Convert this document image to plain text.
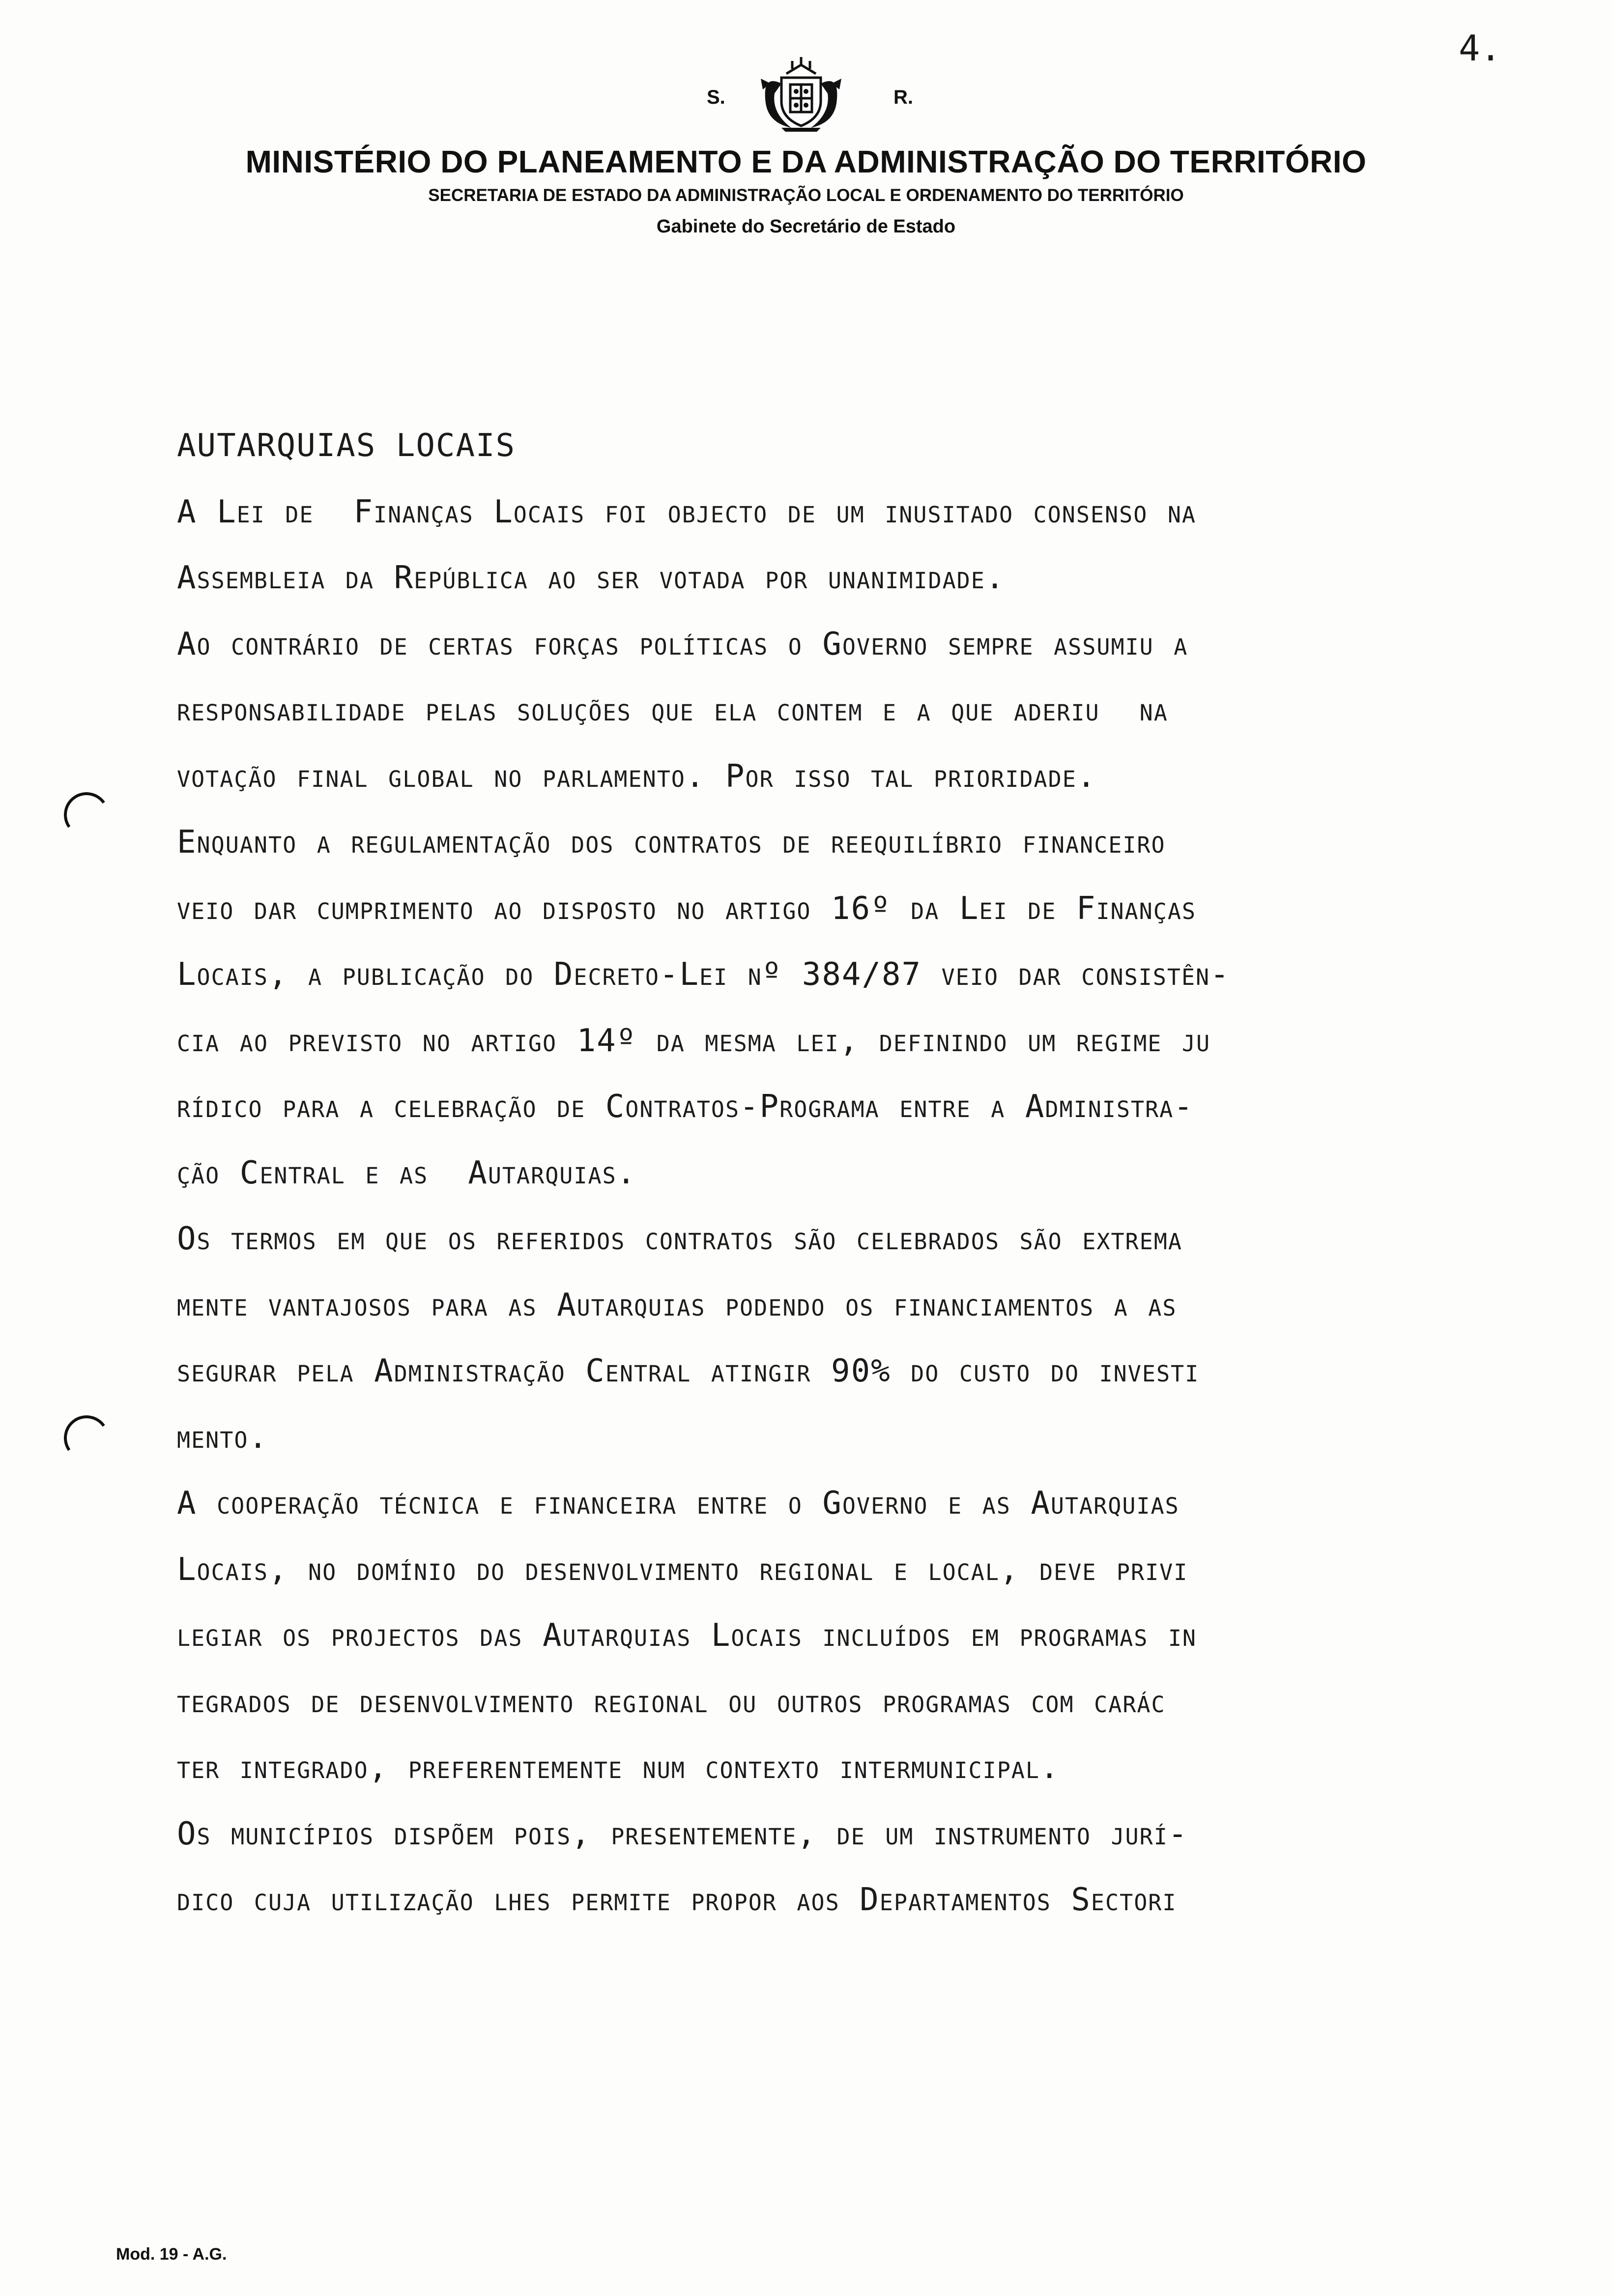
4.
S.	R.
MINISTÉRIO DO PLANEAMENTO E DA ADMINISTRAÇÃO DO TERRITÓRIO
SECRETARIA DE ESTADO DA ADMINISTRAÇÃO LOCAL E ORDENAMENTO DO TERRITÓRIO
Gabinete do Secretário de Estado
AUTARQUIAS LOCAIS
A Lei de  Finanças Locais foi objecto de um inusitado consenso na
Assembleia da República ao ser votada por unanimidade.
Ao contrário de certas forças políticas o Governo sempre assumiu a
responsabilidade pelas soluções que ela contem e a que aderiu  na
votação final global no parlamento. Por isso tal prioridade.
Enquanto a regulamentação dos contratos de reequilíbrio financeiro
veio dar cumprimento ao disposto no artigo 16º da Lei de Finanças
Locais, a publicação do Decreto-Lei nº 384/87 veio dar consistên-
cia ao previsto no artigo 14º da mesma lei, definindo um regime ju
rídico para a celebração de Contratos-Programa entre a Administra-
ção Central e as  Autarquias.
Os termos em que os referidos contratos são celebrados são extrema
mente vantajosos para as Autarquias podendo os financiamentos a as
segurar pela Administração Central atingir 90% do custo do investi
mento.
A cooperação técnica e financeira entre o Governo e as Autarquias
Locais, no domínio do desenvolvimento regional e local, deve privi
legiar os projectos das Autarquias Locais incluídos em programas in
tegrados de desenvolvimento regional ou outros programas com carác
ter integrado, preferentemente num contexto intermunicipal.
Os municípios dispõem pois, presentemente, de um instrumento jurí-
dico cuja utilização lhes permite propor aos Departamentos Sectori
Mod. 19 - A.G.
